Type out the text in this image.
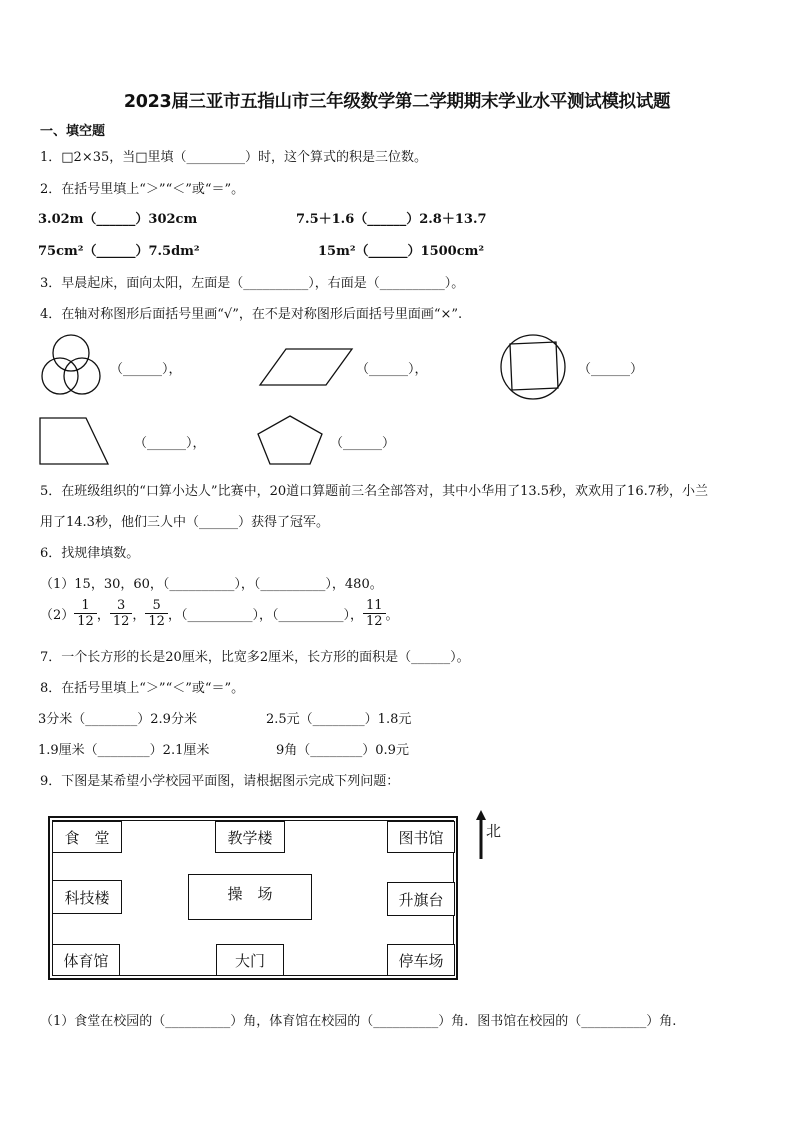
2023届三亚市五指山市三年级数学第二学期期末学业水平测试模拟试题
一、填空题
1．□2×35，当□里填（_________）时，这个算式的积是三位数。
2．在括号里填上“＞”“＜”或“＝”。
3.02m（______）302cm	7.5＋1.6（______）2.8＋13.7
75cm²（______）7.5dm²	15m²（______）1500cm²
3．早晨起床，面向太阳，左面是（__________），右面是（__________）。
4．在轴对称图形后面括号里画“√”，在不是对称图形后面括号里面画“×”.
（______），	（______），	（______）
（______），	（______）
5．在班级组织的“口算小达人”比赛中，20道口算题前三名全部答对，其中小华用了13.5秒，欢欢用了16.7秒，小兰
用了14.3秒，他们三人中（______）获得了冠军。
6．找规律填数。
（1）15，30，60，（__________），（__________），480。
$(2) \frac{1}{12}$ ， $\frac{3}{12}$ ， $\frac{5}{12}$ ，（__________），（__________）， $\frac{11}{12}$ 。
7．一个长方形的长是20厘米，比宽多2厘米，长方形的面积是（______）。
8．在括号里填上“＞”“＜”或“＝”。
3分米（________）2.9分米	2.5元（________）1.8元
1.9厘米（________）2.1厘米	9角（________）0.9元
9．下图是某希望小学校园平面图，请根据图示完成下列问题：
食　堂	教学楼	图书馆
科技楼	操　场	升旗台
体育馆	大门	停车场
北
（1）食堂在校园的（__________）角，体育馆在校园的（__________）角．图书馆在校园的（__________）角.
